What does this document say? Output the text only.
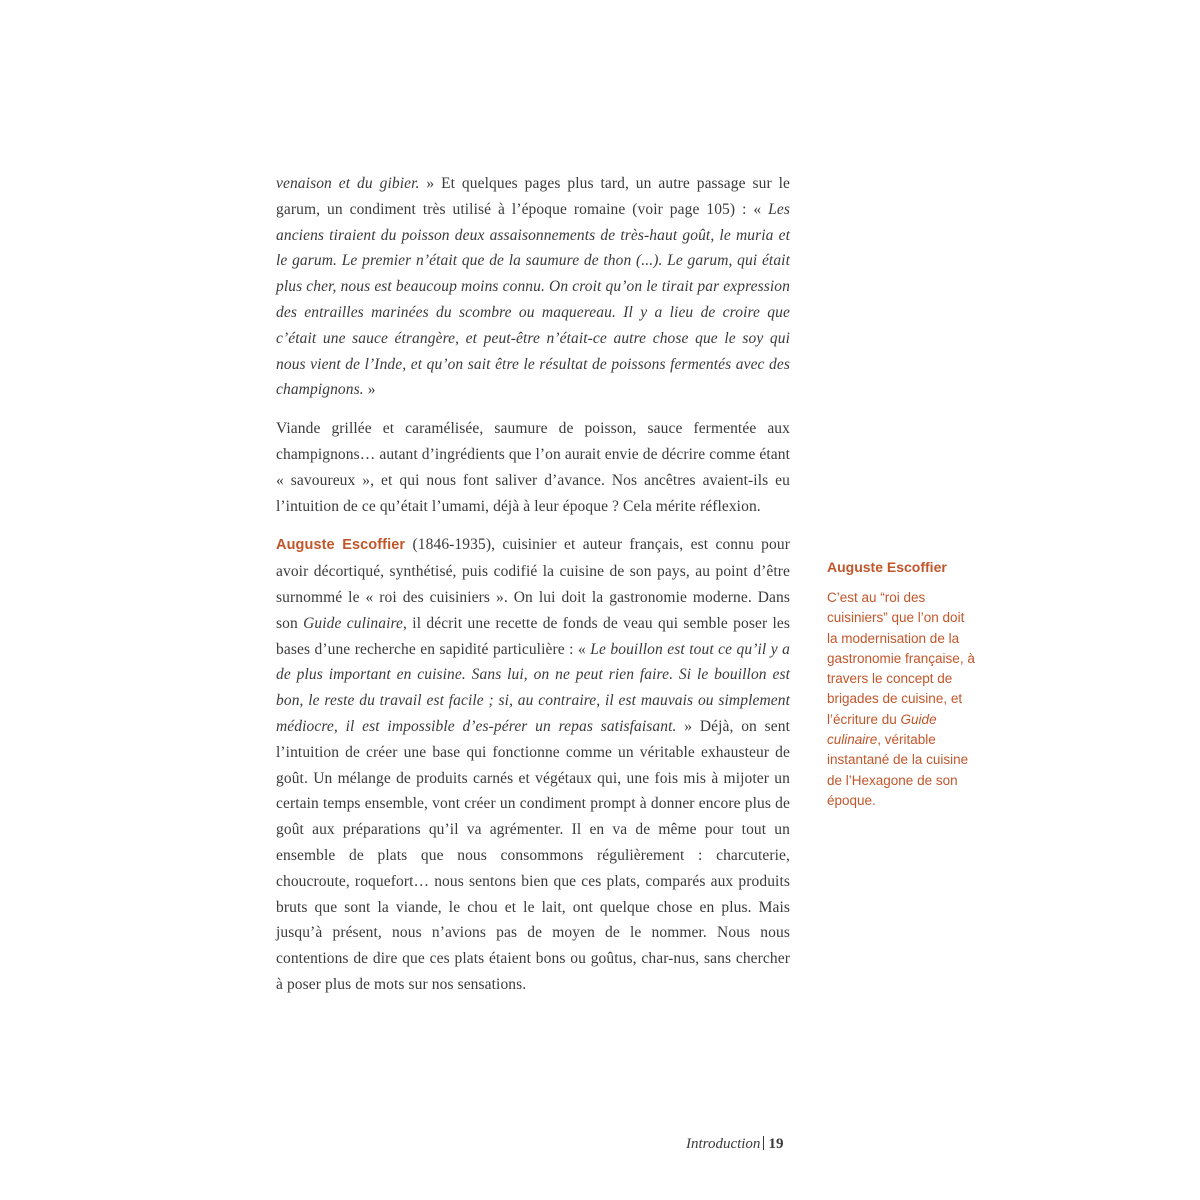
venaison et du gibier. » Et quelques pages plus tard, un autre passage sur le garum, un condiment très utilisé à l’époque romaine (voir page 105) : « Les anciens tiraient du poisson deux assaisonnements de très-haut goût, le muria et le garum. Le premier n’était que de la saumure de thon (...). Le garum, qui était plus cher, nous est beaucoup moins connu. On croit qu’on le tirait par expression des entrailles marinées du scombre ou maquereau. Il y a lieu de croire que c’était une sauce étrangère, et peut-être n’était-ce autre chose que le soy qui nous vient de l’Inde, et qu’on sait être le résultat de poissons fermentés avec des champignons. »

Viande grillée et caramélisée, saumure de poisson, sauce fermentée aux champignons… autant d’ingrédients que l’on aurait envie de décrire comme étant « savoureux », et qui nous font saliver d’avance. Nos ancêtres avaient-ils eu l’intuition de ce qu’était l’umami, déjà à leur époque ? Cela mérite réflexion.

Auguste Escoffier (1846-1935), cuisinier et auteur français, est connu pour avoir décortiqué, synthétisé, puis codifié la cuisine de son pays, au point d’être surnommé le « roi des cuisiniers ». On lui doit la gastronomie moderne. Dans son Guide culinaire, il décrit une recette de fonds de veau qui semble poser les bases d’une recherche en sapidité particulière : « Le bouillon est tout ce qu’il y a de plus important en cuisine. Sans lui, on ne peut rien faire. Si le bouillon est bon, le reste du travail est facile ; si, au contraire, il est mauvais ou simplement médiocre, il est impossible d’es-pérer un repas satisfaisant. » Déjà, on sent l’intuition de créer une base qui fonctionne comme un véritable exhausteur de goût. Un mélange de produits carnés et végétaux qui, une fois mis à mijoter un certain temps ensemble, vont créer un condiment prompt à donner encore plus de goût aux préparations qu’il va agrémenter. Il en va de même pour tout un ensemble de plats que nous consommons régulièrement : charcuterie, choucroute, roquefort… nous sentons bien que ces plats, comparés aux produits bruts que sont la viande, le chou et le lait, ont quelque chose en plus. Mais jusqu’à présent, nous n’avions pas de moyen de le nommer. Nous nous contentions de dire que ces plats étaient bons ou goûtus, char-nus, sans chercher à poser plus de mots sur nos sensations.

Auguste Escoffier

C’est au “roi des cuisiniers” que l’on doit la modernisation de la gastronomie française, à travers le concept de brigades de cuisine, et l’écriture du Guide culinaire, véritable instantané de la cuisine de l’Hexagone de son époque.

Introduction 19
